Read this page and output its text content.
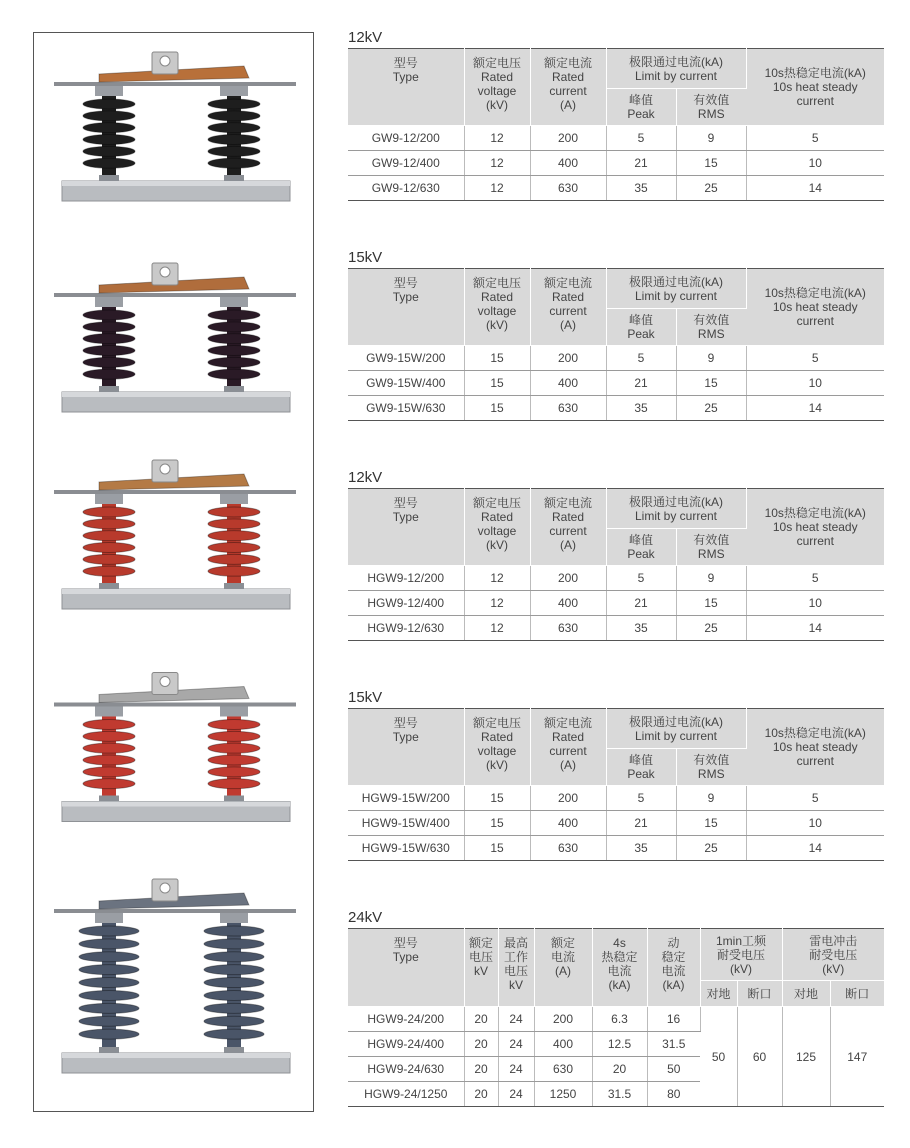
12kV
型号
Type	额定电压
Rated
voltage
(kV)	额定电流
Rated
current
(A)	极限通过电流(kA)
Limit by current		10s热稳定电流(kA)
10s heat steady
current

			峰值
Peak	有效值
RMS	

GW9-12/200	12	200	5	9	5
GW9-12/400	12	400	21	15	10
GW9-12/630	12	630	35	25	14
15kV
型号
Type	额定电压
Rated
voltage
(kV)	额定电流
Rated
current
(A)	极限通过电流(kA)
Limit by current		10s热稳定电流(kA)
10s heat steady
current

			峰值
Peak	有效值
RMS	

GW9-15W/200	15	200	5	9	5
GW9-15W/400	15	400	21	15	10
GW9-15W/630	15	630	35	25	14
12kV
型号
Type	额定电压
Rated
voltage
(kV)	额定电流
Rated
current
(A)	极限通过电流(kA)
Limit by current		10s热稳定电流(kA)
10s heat steady
current

			峰值
Peak	有效值
RMS	

HGW9-12/200	12	200	5	9	5
HGW9-12/400	12	400	21	15	10
HGW9-12/630	12	630	35	25	14
15kV
型号
Type	额定电压
Rated
voltage
(kV)	额定电流
Rated
current
(A)	极限通过电流(kA)
Limit by current		10s热稳定电流(kA)
10s heat steady
current

			峰值
Peak	有效值
RMS	

HGW9-15W/200	15	200	5	9	5
HGW9-15W/400	15	400	21	15	10
HGW9-15W/630	15	630	35	25	14
24kV
型号
Type	额定
电压
kV	最高
工作
电压
kV	额定
电流
(A)	4s
热稳定
电流
(kA)	动
稳定
电流
(kA)	1min工频
耐受电压
(kV)		雷电冲击
耐受电压
(kV)	

						对地	断口	对地	断口
HGW9-24/200	20	24	200	6.3	16	50	60	125	147
HGW9-24/400	20	24	400	12.5	31.5				
HGW9-24/630	20	24	630	20	50				
HGW9-24/1250	20	24	1250	31.5	80				
